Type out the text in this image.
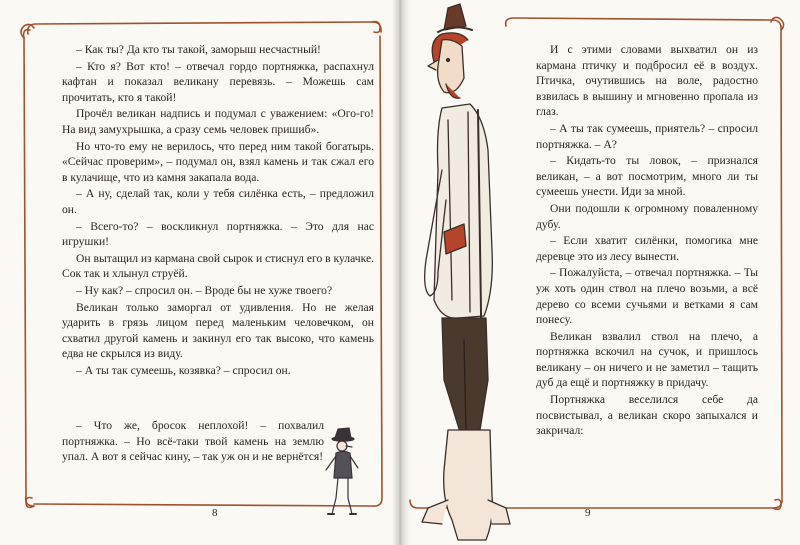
– Как ты? Да кто ты такой, заморыш несчастный!

– Кто я? Вот кто! – отвечал гордо портняжка, распахнул кафтан и показал великану перевязь. – Можешь сам прочитать, кто я такой!

Прочёл великан надпись и подумал с уважением: «Ого-го! На вид замухрышка, а сразу семь человек пришиб».

Но что-то ему не верилось, что перед ним такой богатырь. «Сейчас проверим», – подумал он, взял камень и так сжал его в кулачище, что из камня закапала вода.

– А ну, сделай так, коли у тебя силёнка есть, – предложил он.

– Всего-то? – воскликнул портняжка. – Это для нас игрушки!

Он вытащил из кармана свой сырок и стиснул его в кулачке. Сок так и хлынул струёй.

– Ну как? – спросил он. – Вроде бы не хуже твоего?

Великан только заморгал от удивления. Но не желая ударить в грязь лицом перед маленьким человечком, он схватил другой камень и закинул его так высоко, что камень едва не скрылся из виду.

– А ты так сумеешь, козявка? – спросил он.

– Что же, бросок неплохой! – похвалил портняжка. – Но всё-таки твой камень на землю упал. А вот я сейчас кину, – так уж он и не вернётся!

И с этими словами выхватил он из кармана птичку и подбросил её в воздух. Птичка, очутившись на воле, радостно взвилась в вышину и мгновенно пропала из глаз.

– А ты так сумеешь, приятель? – спросил портняжка. – А?

– Кидать-то ты ловок, – признался великан, – а вот посмотрим, много ли ты сумеешь унести. Иди за мной.

Они подошли к огромному поваленному дубу.

– Если хватит силёнки, помогика мне деревце это из лесу вынести.

– Пожалуйста, – отвечал портняжка. – Ты уж хоть один ствол на плечо возьми, а всё дерево со всеми сучьями и ветками я сам понесу.

Великан взвалил ствол на плечо, а портняжка вскочил на сучок, и пришлось великану – он ничего и не заметил – тащить дуб да ещё и портняжку в придачу.

Портняжка веселился себе да посвистывал, а великан скоро запыхался и закричал:

8	9
